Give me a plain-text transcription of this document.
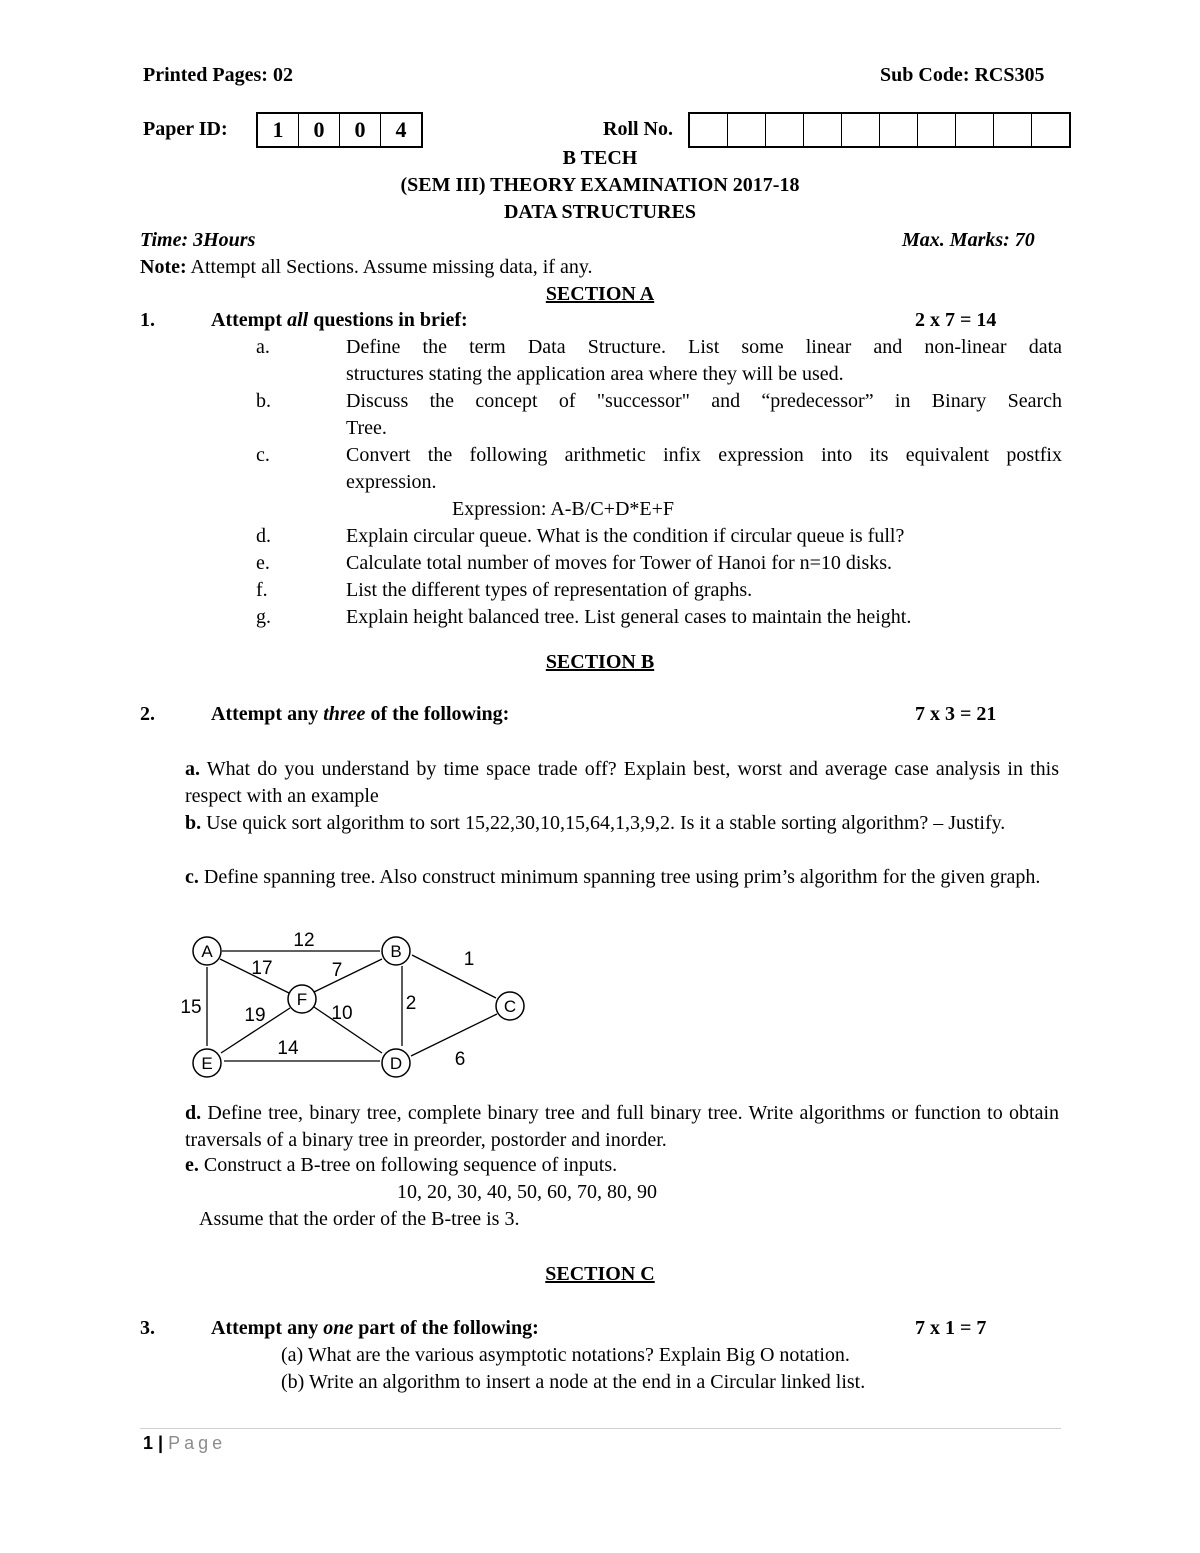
Printed Pages: 02	Sub Code: RCS305
Paper ID:	1	0	0	4	Roll No.
B TECH
(SEM III) THEORY EXAMINATION 2017-18
DATA STRUCTURES
Time: 3Hours	Max. Marks: 70
Note: Attempt all Sections. Assume missing data, if any.
SECTION A
1.	Attempt all questions in brief:	2 x 7 = 14
a.	Define the term Data Structure. List some linear and non-linear data
structures stating the application area where they will be used.
b.	Discuss the concept of "successor" and “predecessor” in Binary Search
Tree.
c.	Convert the following arithmetic infix expression into its equivalent postfix
expression.
Expression: A-B/C+D*E+F
d.	Explain circular queue. What is the condition if circular queue is full?
e.	Calculate total number of moves for Tower of Hanoi for n=10 disks.
f.	List the different types of representation of graphs.
g.	Explain height balanced tree. List general cases to maintain the height.
SECTION B
2.	Attempt any three of the following:	7 x 3 = 21
a. What do you understand by time space trade off? Explain best, worst and average case analysis in this respect with an example
b. Use quick sort algorithm to sort 15,22,30,10,15,64,1,3,9,2. Is it a stable sorting algorithm? – Justify.
c. Define spanning tree. Also construct minimum spanning tree using prim’s algorithm for the given graph.
A	B
C
D
E
F
12
17	7
1
15 19	10	2
14
6
d. Define tree, binary tree, complete binary tree and full binary tree. Write algorithms or function to obtain traversals of a binary tree in preorder, postorder and inorder.
e. Construct a B-tree on following sequence of inputs.
10, 20, 30, 40, 50, 60, 70, 80, 90
Assume that the order of the B-tree is 3.
SECTION C
3.	Attempt any one part of the following:	7 x 1 = 7
(a) What are the various asymptotic notations? Explain Big O notation.
(b) Write an algorithm to insert a node at the end in a Circular linked list.
1 | Page
